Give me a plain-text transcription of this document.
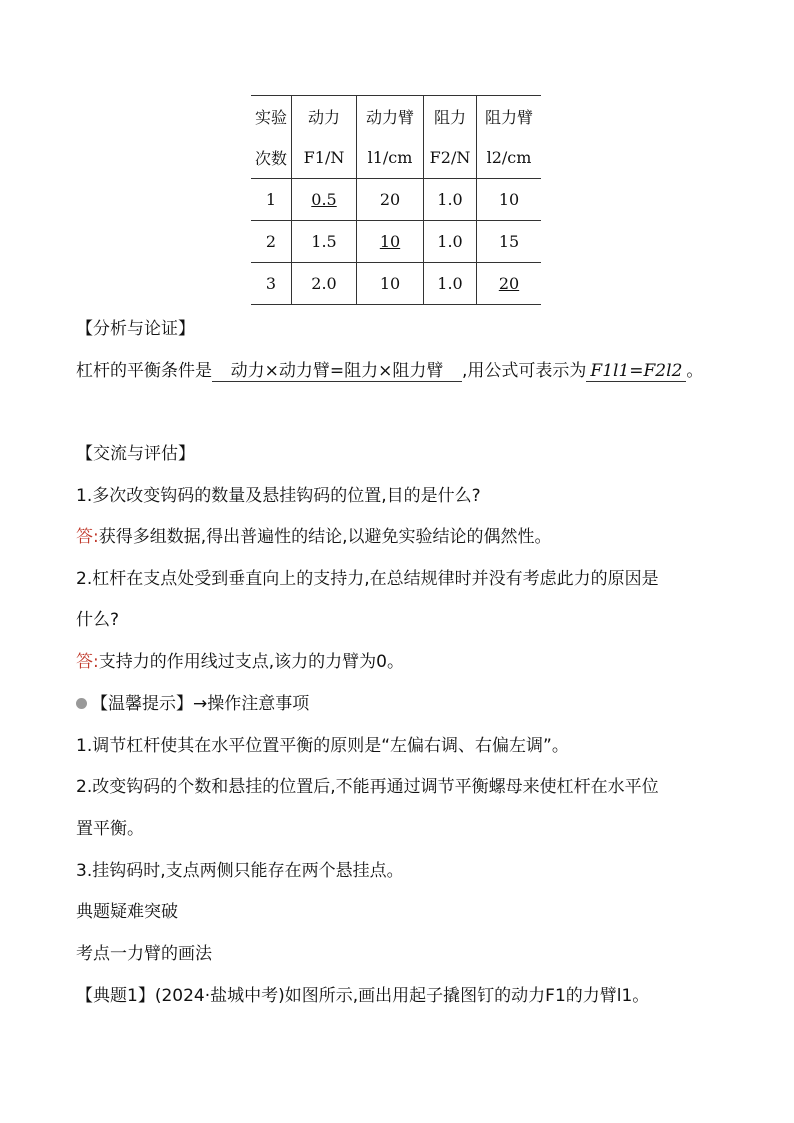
实验	动力	动力臂	阻力	阻力臂
次数	F1/N	l1/cm	F2/N	l2/cm
1	0.5	20	1.0	10
2	1.5	10	1.0	15
3	2.0	10	1.0	20
【分析与论证】
杠杆的平衡条件是 动力×动力臂=阻力×阻力臂 ,用公式可表示为 F1l1=F2l2 。
【交流与评估】
1.多次改变钩码的数量及悬挂钩码的位置,目的是什么?
答:获得多组数据,得出普遍性的结论,以避免实验结论的偶然性。
2.杠杆在支点处受到垂直向上的支持力,在总结规律时并没有考虑此力的原因是
什么?
答:支持力的作用线过支点,该力的力臂为0。
【温馨提示】→操作注意事项
1.调节杠杆使其在水平位置平衡的原则是“左偏右调、右偏左调”。
2.改变钩码的个数和悬挂的位置后,不能再通过调节平衡螺母来使杠杆在水平位
置平衡。
3.挂钩码时,支点两侧只能存在两个悬挂点。
典题疑难突破
考点一力臂的画法
【典题1】(2024·盐城中考)如图所示,画出用起子撬图钉的动力F1的力臂l1。
